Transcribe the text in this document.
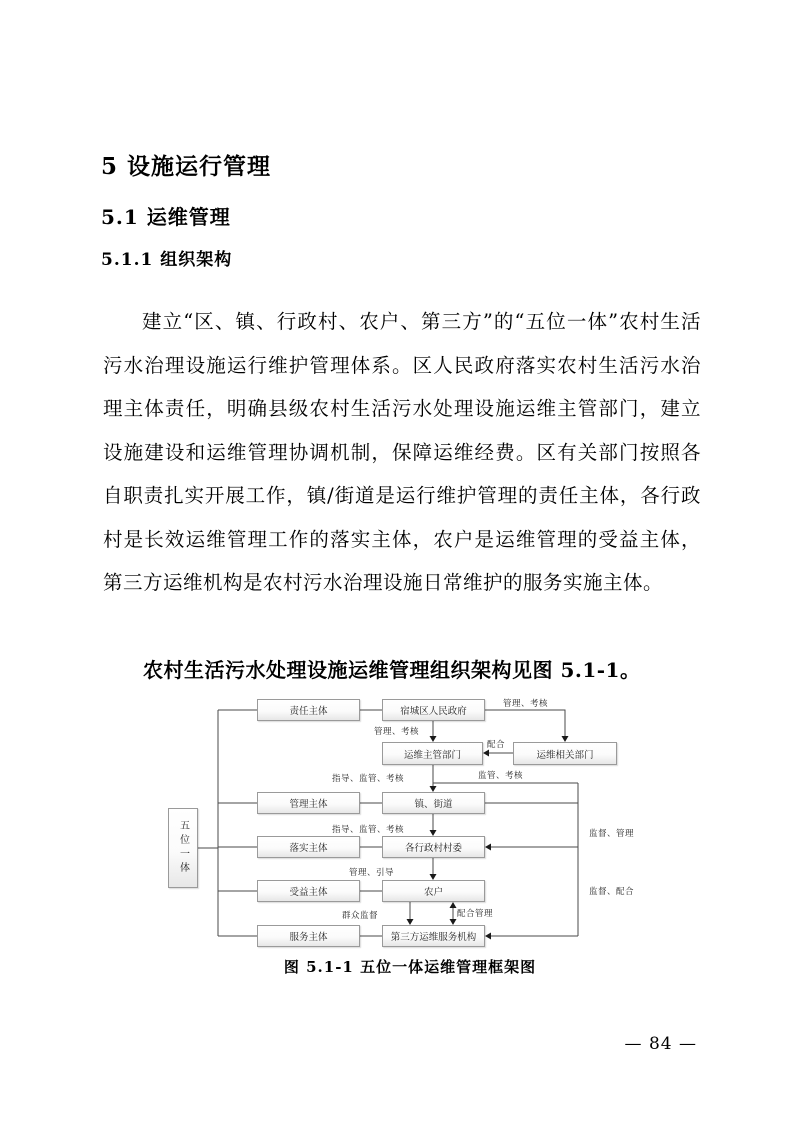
5 设施运行管理
5.1 运维管理
5.1.1 组织架构
建立“区、镇、行政村、农户、第三方”的“五位一体”农村生活污水治理设施运行维护管理体系。区人民政府落实农村生活污水治理主体责任，明确县级农村生活污水处理设施运维主管部门，建立设施建设和运维管理协调机制，保障运维经费。区有关部门按照各自职责扎实开展工作，镇/街道是运行维护管理的责任主体，各行政村是长效运维管理工作的落实主体，农户是运维管理的受益主体，第三方运维机构是农村污水治理设施日常维护的服务实施主体。
农村生活污水处理设施运维管理组织架构见图 5.1-1。
五位一体
责任主体
管理主体
落实主体
受益主体
服务主体
宿城区人民政府
运维主管部门	运维相关部门
镇、街道
各行政村村委
农户
第三方运维服务机构
管理、考核
管理、考核
配合
指导、监管、考核	监管、考核
指导、监管、考核	监督、管理
管理、引导
监督、配合
群众监督	配合管理
图 5.1-1 五位一体运维管理框架图
— 84 —
